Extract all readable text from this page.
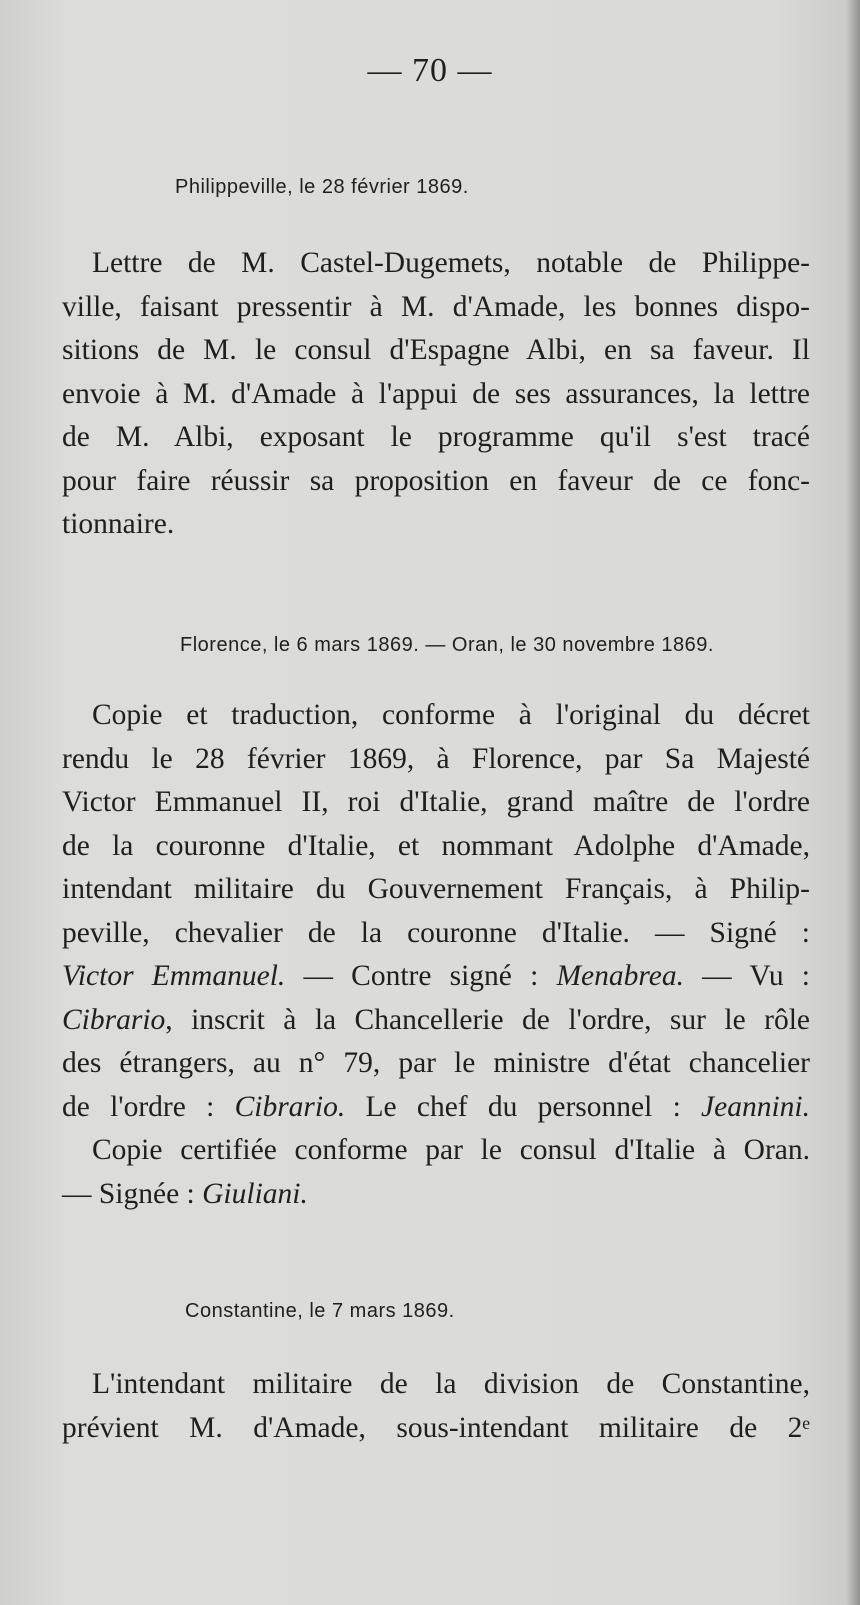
— 70 —
Philippeville, le 28 février 1869.
Lettre de M. Castel-Dugemets, notable de Philippe-
ville, faisant pressentir à M. d'Amade, les bonnes dispo-
sitions de M. le consul d'Espagne Albi, en sa faveur. Il
envoie à M. d'Amade à l'appui de ses assurances, la lettre
de M. Albi, exposant le programme qu'il s'est tracé
pour faire réussir sa proposition en faveur de ce fonc-
tionnaire.
Florence, le 6 mars 1869. — Oran, le 30 novembre 1869.
Copie et traduction, conforme à l'original du décret
rendu le 28 février 1869, à Florence, par Sa Majesté
Victor Emmanuel II, roi d'Italie, grand maître de l'ordre
de la couronne d'Italie, et nommant Adolphe d'Amade,
intendant militaire du Gouvernement Français, à Philip-
peville, chevalier de la couronne d'Italie. — Signé :
Victor Emmanuel. — Contre signé : Menabrea. — Vu :
Cibrario, inscrit à la Chancellerie de l'ordre, sur le rôle
des étrangers, au n° 79, par le ministre d'état chancelier
de l'ordre : Cibrario. Le chef du personnel : Jeannini.
Copie certifiée conforme par le consul d'Italie à Oran.
— Signée : Giuliani.
Constantine, le 7 mars 1869.
L'intendant militaire de la division de Constantine,
prévient M. d'Amade, sous-intendant militaire de 2ᵉ
